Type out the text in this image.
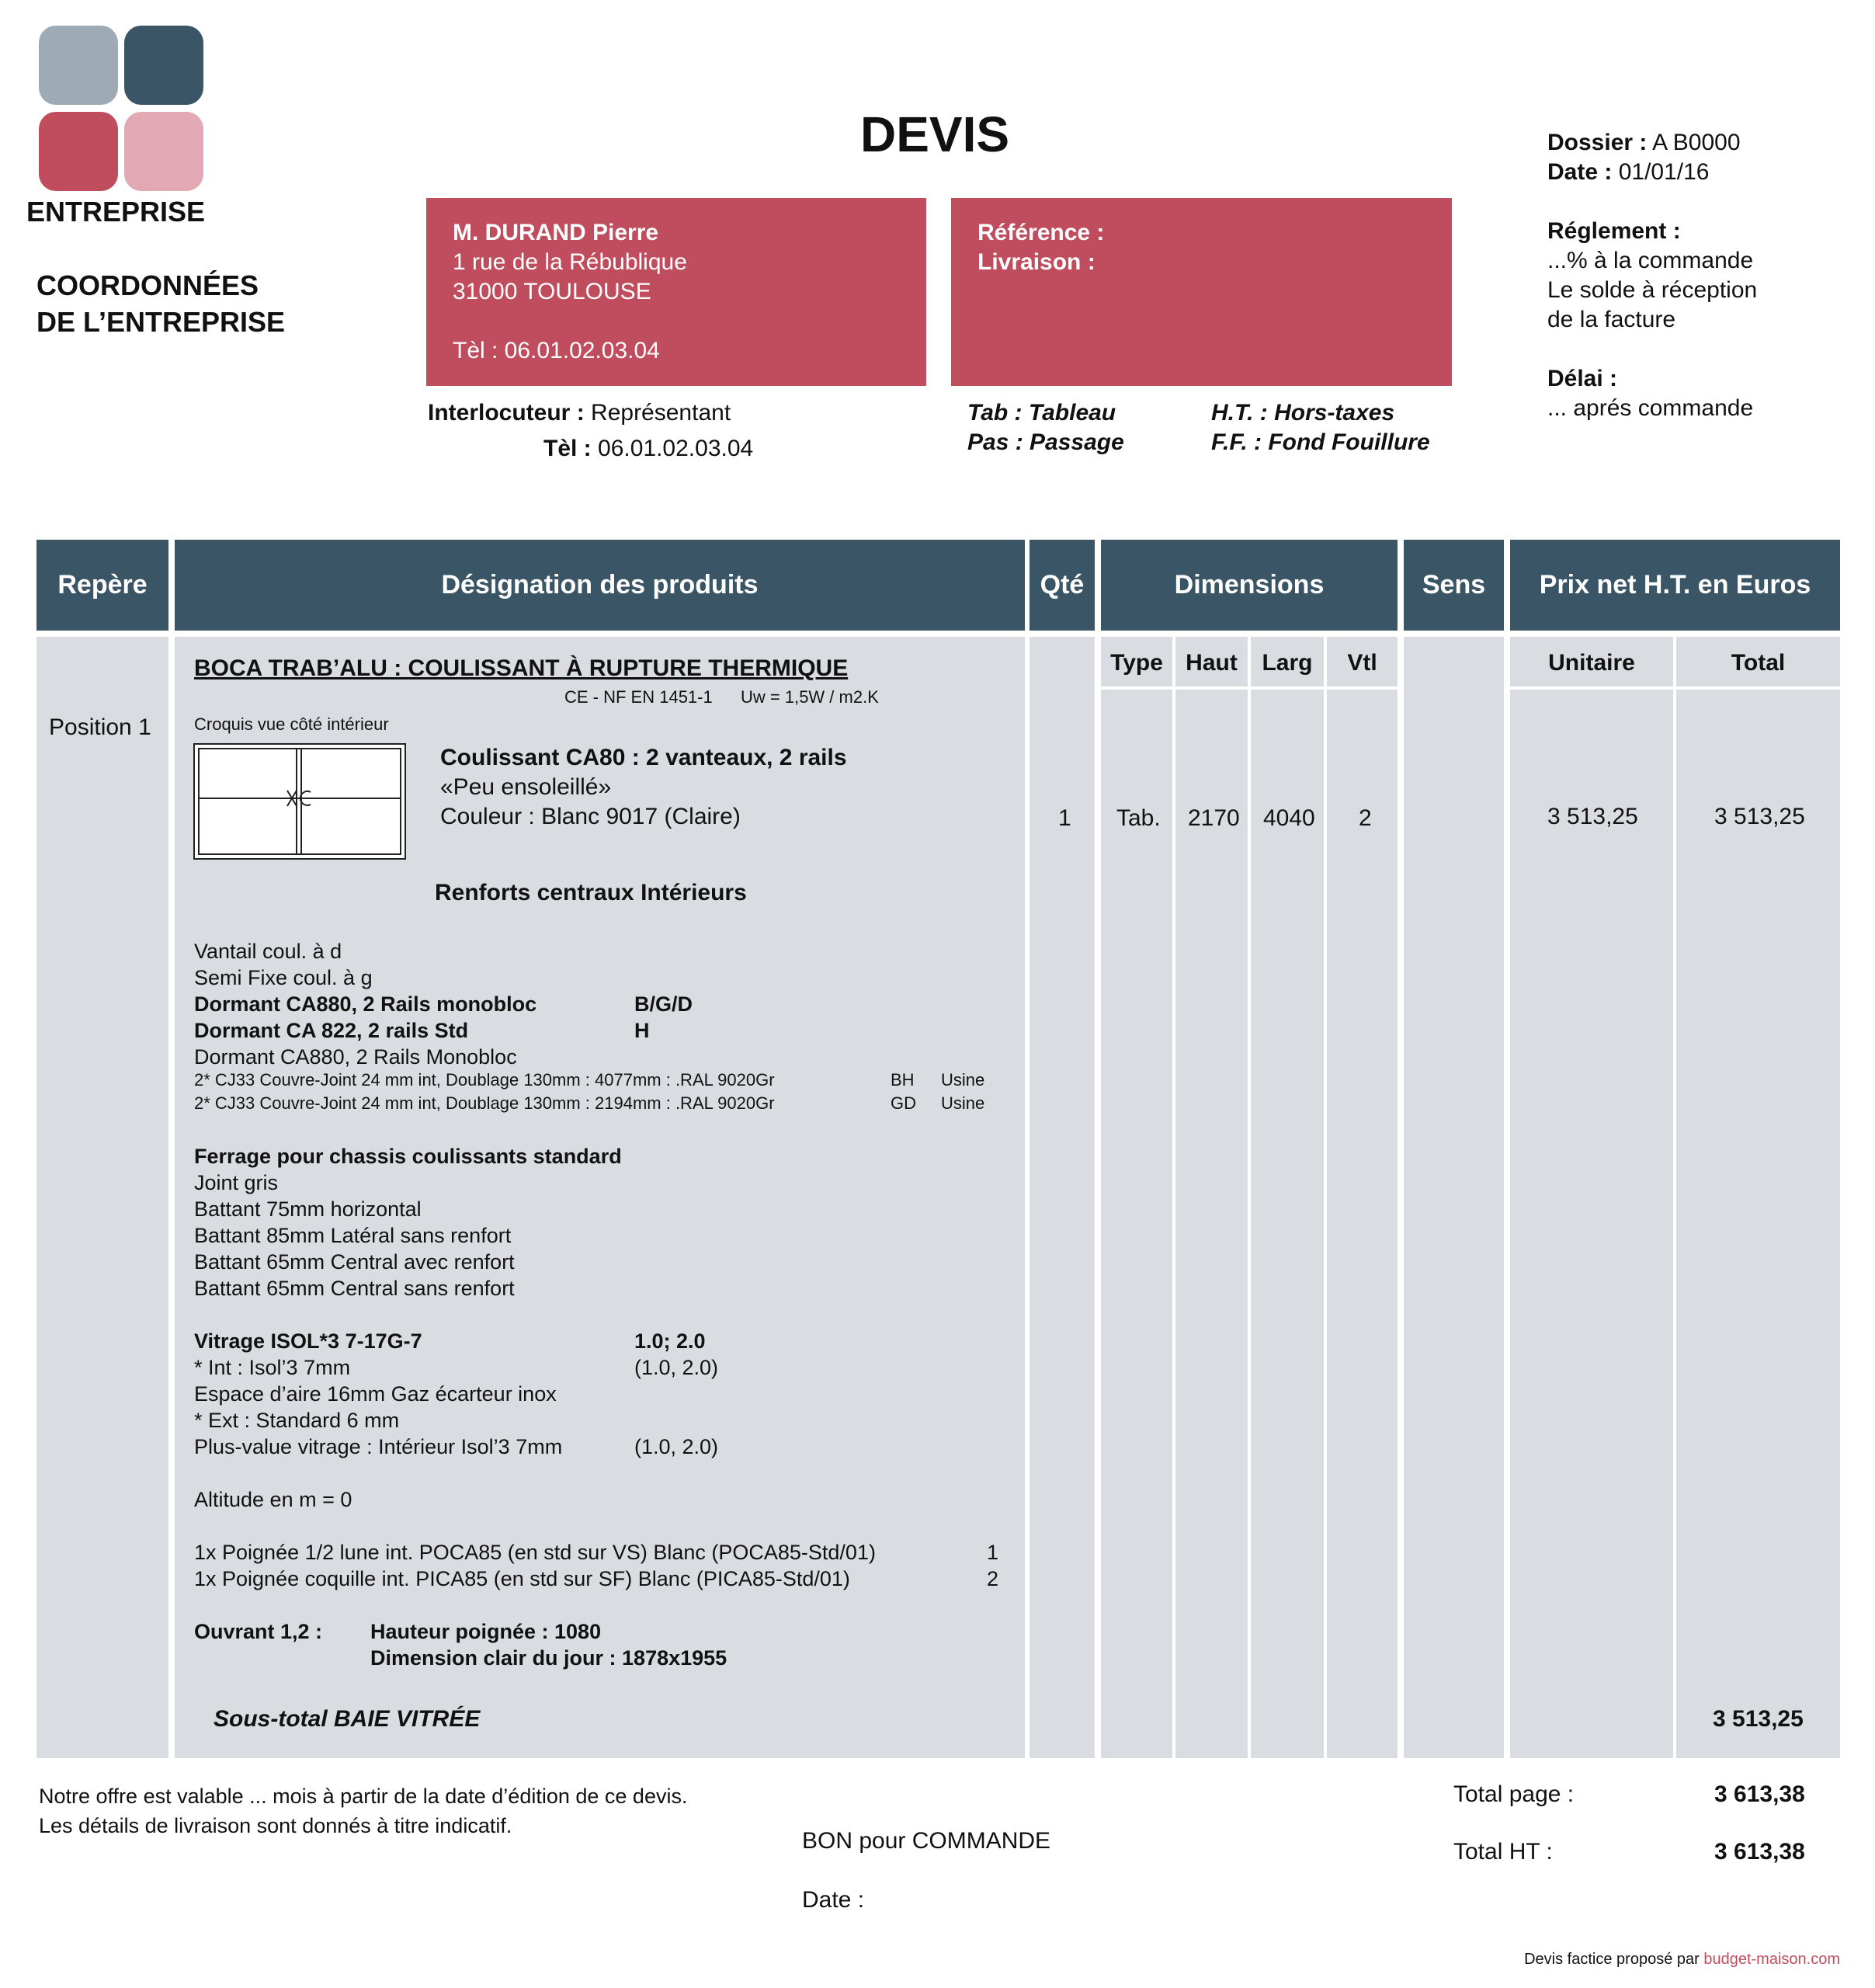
ENTREPRISE
COORDONNÉES
DE L’ENTREPRISE
DEVIS	Dossier : A B0000
Date : 01/01/16
Réglement :
...% à la commande
Le solde à réception
de la facture
Délai :
... aprés commande
M. DURAND Pierre
1 rue de la Rébublique
31000 TOULOUSE
Tèl : 06.01.02.03.04
Référence :
Livraison :
Interlocuteur : Représentant
Tèl : 06.01.02.03.04
Tab : Tableau
Pas : Passage
H.T. : Hors-taxes
F.F. : Fond Fouillure
Repère	Désignation des produits	Qté	Dimensions	Sens	Prix net H.T. en Euros
Type Haut	Larg	Vtl	Unitaire	Total
Position 1
BOCA TRAB’ALU : COULISSANT À RUPTURE THERMIQUE
CE - NF EN 1451-1 Uw = 1,5W / m2.K
Croquis vue côté intérieur
Coulissant CA80 : 2 vanteaux, 2 rails
«Peu ensoleillé»
Couleur : Blanc 9017 (Claire)
Renforts centraux Intérieurs
1 Tab. 2170 4040 2	3 513,25	3 513,25
Vantail coul. à d
Semi Fixe coul. à g
Dormant CA880, 2 Rails monobloc	B/G/D
Dormant CA 822, 2 rails Std	H
Dormant CA880, 2 Rails Monobloc
2* CJ33 Couvre-Joint 24 mm int, Doublage 130mm : 4077mm : .RAL 9020Gr	BH Usine
2* CJ33 Couvre-Joint 24 mm int, Doublage 130mm : 2194mm : .RAL 9020Gr	GD Usine
Ferrage pour chassis coulissants standard
Joint gris
Battant 75mm horizontal
Battant 85mm Latéral sans renfort
Battant 65mm Central avec renfort
Battant 65mm Central sans renfort
Vitrage ISOL*3 7-17G-7	1.0; 2.0
* Int : Isol’3 7mm	(1.0, 2.0)
Espace d’aire 16mm Gaz écarteur inox
* Ext : Standard 6 mm
Plus-value vitrage : Intérieur Isol’3 7mm	(1.0, 2.0)
Altitude en m = 0
1x Poignée 1/2 lune int. POCA85 (en std sur VS) Blanc (POCA85-Std/01)	1
1x Poignée coquille int. PICA85 (en std sur SF) Blanc (PICA85-Std/01)	2
Ouvrant 1,2 : Hauteur poignée : 1080
Dimension clair du jour : 1878x1955
Sous-total BAIE VITRÉE	3 513,25
Notre offre est valable ... mois à partir de la date d’édition de ce devis.
Les détails de livraison sont donnés à titre indicatif.
BON pour COMMANDE
Date :
Total page :	3 613,38
Total HT :	3 613,38
Devis factice proposé par budget-maison.com
